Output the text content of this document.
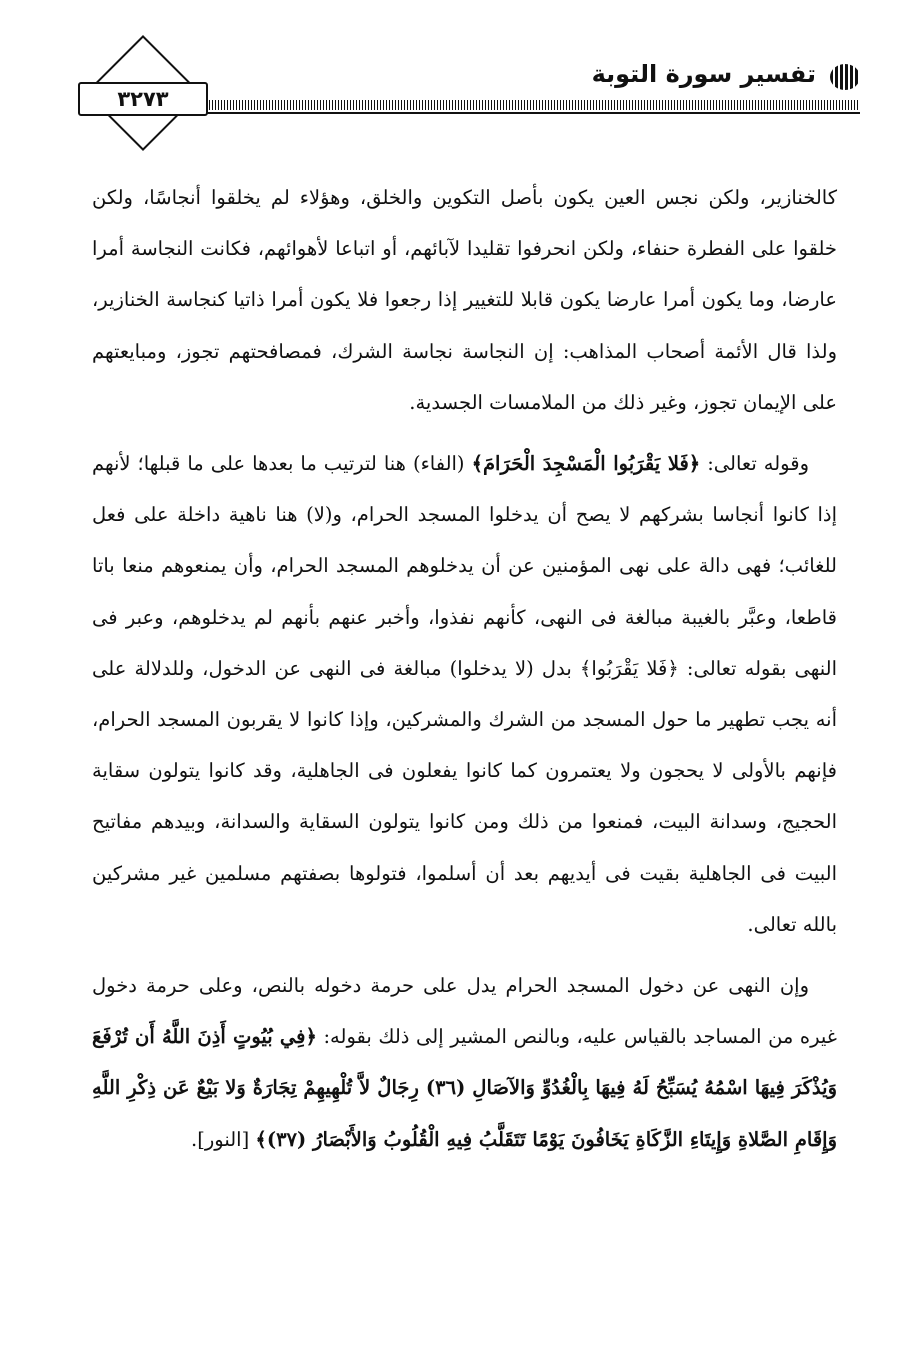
تفسير سورة التوبة
٣٢٧٣

كالخنازير، ولكن نجس العين يكون بأصل التكوين والخلق، وهؤلاء لم يخلقوا أنجاسًا، ولكن خلقوا على الفطرة حنفاء، ولكن انحرفوا تقليدا لآبائهم، أو اتباعا لأهوائهم، فكانت النجاسة أمرا عارضا، وما يكون أمرا عارضا يكون قابلا للتغيير إذا رجعوا فلا يكون أمرا ذاتيا كنجاسة الخنازير، ولذا قال الأئمة أصحاب المذاهب: إن النجاسة نجاسة الشرك، فمصافحتهم تجوز، ومبايعتهم على الإيمان تجوز، وغير ذلك من الملامسات الجسدية.

وقوله تعالى: ﴿فَلا يَقْرَبُوا الْمَسْجِدَ الْحَرَامَ﴾ (الفاء) هنا لترتيب ما بعدها على ما قبلها؛ لأنهم إذا كانوا أنجاسا بشركهم لا يصح أن يدخلوا المسجد الحرام، و(لا) هنا ناهية داخلة على فعل للغائب؛ فهى دالة على نهى المؤمنين عن أن يدخلوهم المسجد الحرام، وأن يمنعوهم منعا باتا قاطعا، وعبَّر بالغيبة مبالغة فى النهى، كأنهم نفذوا، وأخبر عنهم بأنهم لم يدخلوهم، وعبر فى النهى بقوله تعالى: ﴿فَلا يَقْرَبُوا﴾ بدل (لا يدخلوا) مبالغة فى النهى عن الدخول، وللدلالة على أنه يجب تطهير ما حول المسجد من الشرك والمشركين، وإذا كانوا لا يقربون المسجد الحرام، فإنهم بالأولى لا يحجون ولا يعتمرون كما كانوا يفعلون فى الجاهلية، وقد كانوا يتولون سقاية الحجيج، وسدانة البيت، فمنعوا من ذلك ومن كانوا يتولون السقاية والسدانة، وبيدهم مفاتيح البيت فى الجاهلية بقيت فى أيديهم بعد أن أسلموا، فتولوها بصفتهم مسلمين غير مشركين بالله تعالى.

وإن النهى عن دخول المسجد الحرام يدل على حرمة دخوله بالنص، وعلى حرمة دخول غيره من المساجد بالقياس عليه، وبالنص المشير إلى ذلك بقوله: ﴿فِي بُيُوتٍ أَذِنَ اللَّهُ أَن تُرْفَعَ وَيُذْكَرَ فِيهَا اسْمُهُ يُسَبِّحُ لَهُ فِيهَا بِالْغُدُوِّ وَالآصَالِ (٣٦) رِجَالٌ لاَّ تُلْهِيهِمْ تِجَارَةٌ وَلا بَيْعٌ عَن ذِكْرِ اللَّهِ وَإِقَامِ الصَّلاةِ وَإِيتَاءِ الزَّكَاةِ يَخَافُونَ يَوْمًا تَتَقَلَّبُ فِيهِ الْقُلُوبُ وَالأَبْصَارُ (٣٧)﴾ [النور].
